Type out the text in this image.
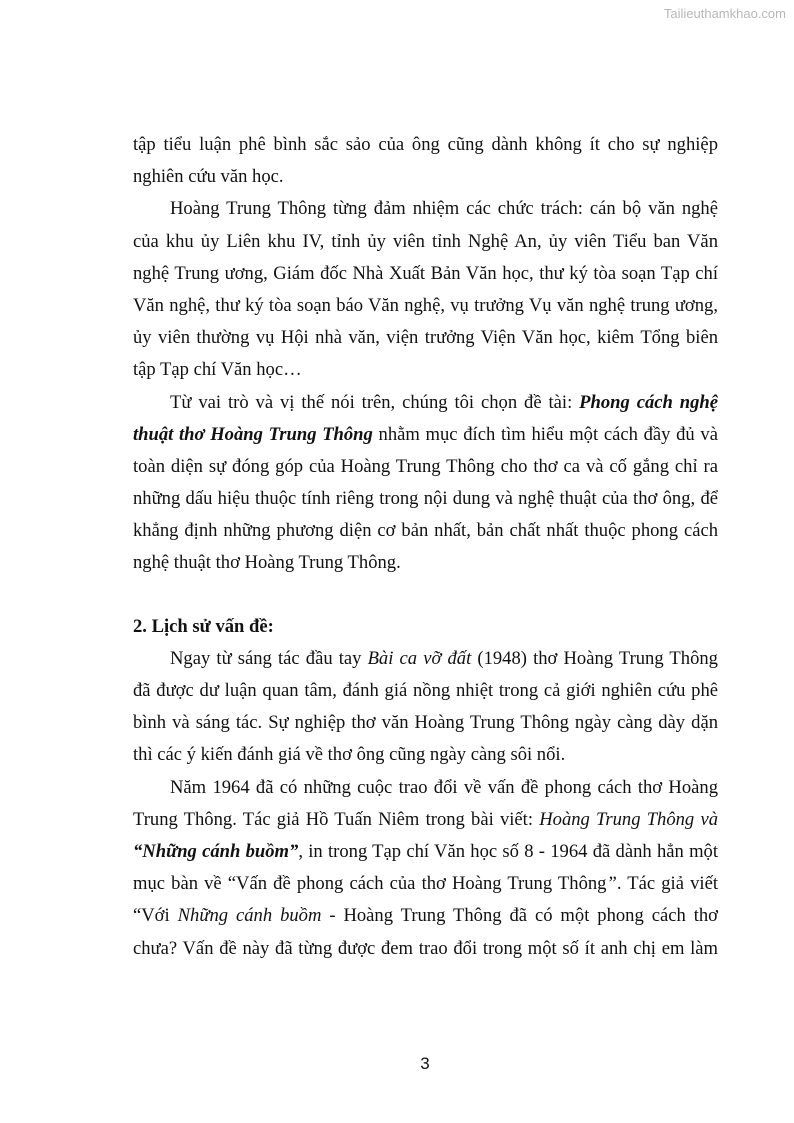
Tailieuthamkhao.com
tập tiểu luận phê bình sắc sảo của ông cũng dành không ít cho sự nghiệp
nghiên cứu văn học.
Hoàng Trung Thông từng đảm nhiệm các chức trách: cán bộ văn nghệ
của khu ủy Liên khu IV, tỉnh ủy viên tỉnh Nghệ An, ủy viên Tiểu ban Văn
nghệ Trung ương, Giám đốc Nhà Xuất Bản Văn học, thư ký tòa soạn Tạp chí
Văn nghệ, thư ký tòa soạn báo Văn nghệ, vụ trưởng Vụ văn nghệ trung ương,
ủy viên thường vụ Hội nhà văn, viện trưởng Viện Văn học, kiêm Tổng biên
tập Tạp chí Văn học…
Từ vai trò và vị thế nói trên, chúng tôi chọn đề tài: Phong cách nghệ
thuật thơ Hoàng Trung Thông nhằm mục đích tìm hiểu một cách đầy đủ và
toàn diện sự đóng góp của Hoàng Trung Thông cho thơ ca và cố gắng chỉ ra
những dấu hiệu thuộc tính riêng trong nội dung và nghệ thuật của thơ ông, để
khẳng định những phương diện cơ bản nhất, bản chất nhất thuộc phong cách
nghệ thuật thơ Hoàng Trung Thông.
2. Lịch sử vấn đề:
Ngay từ sáng tác đầu tay Bài ca vỡ đất (1948) thơ Hoàng Trung Thông
đã được dư luận quan tâm, đánh giá nồng nhiệt trong cả giới nghiên cứu phê
bình và sáng tác. Sự nghiệp thơ văn Hoàng Trung Thông ngày càng dày dặn
thì các ý kiến đánh giá về thơ ông cũng ngày càng sôi nổi.
Năm 1964 đã có những cuộc trao đổi về vấn đề phong cách thơ Hoàng
Trung Thông. Tác giả Hồ Tuấn Niêm trong bài viết: Hoàng Trung Thông và
“Những cánh buồm”, in trong Tạp chí Văn học số 8 - 1964 đã dành hẳn một
mục bàn về “Vấn đề phong cách của thơ Hoàng Trung Thông”. Tác giả viết
“Với Những cánh buồm - Hoàng Trung Thông đã có một phong cách thơ
chưa? Vấn đề này đã từng được đem trao đổi trong một số ít anh chị em làm
3
